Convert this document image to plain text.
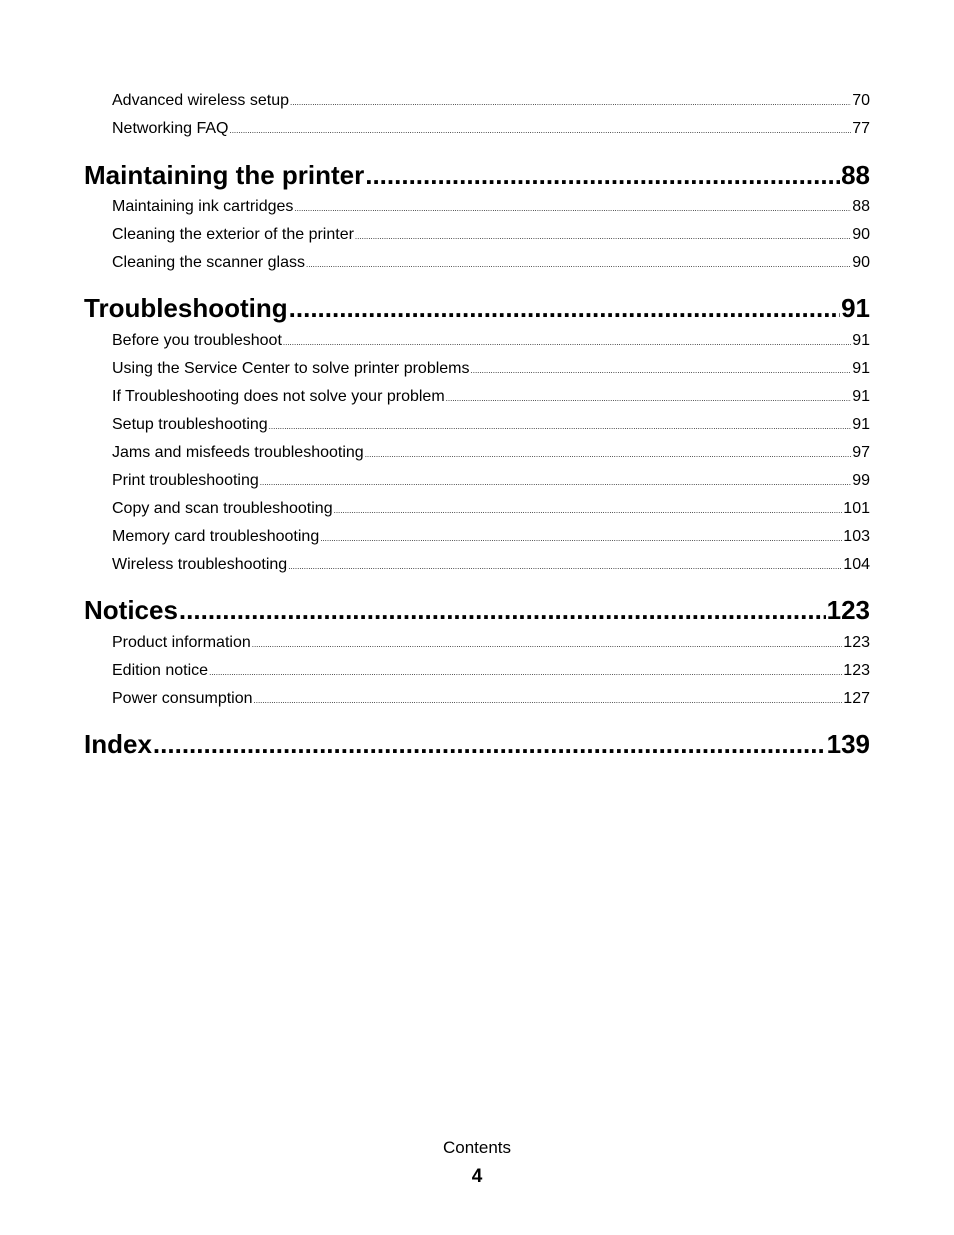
Advanced wireless setup .....	70
Networking FAQ .....	77
Maintaining the printer .....	88
Maintaining ink cartridges .....	88
Cleaning the exterior of the printer .....	90
Cleaning the scanner glass .....	90
Troubleshooting .....	91
Before you troubleshoot .....	91
Using the Service Center to solve printer problems .....	91
If Troubleshooting does not solve your problem .....	91
Setup troubleshooting .....	91
Jams and misfeeds troubleshooting .....	97
Print troubleshooting .....	99
Copy and scan troubleshooting .....	101
Memory card troubleshooting .....	103
Wireless troubleshooting .....	104
Notices .....	123
Product information .....	123
Edition notice .....	123
Power consumption .....	127
Index .....	139
Contents
4
